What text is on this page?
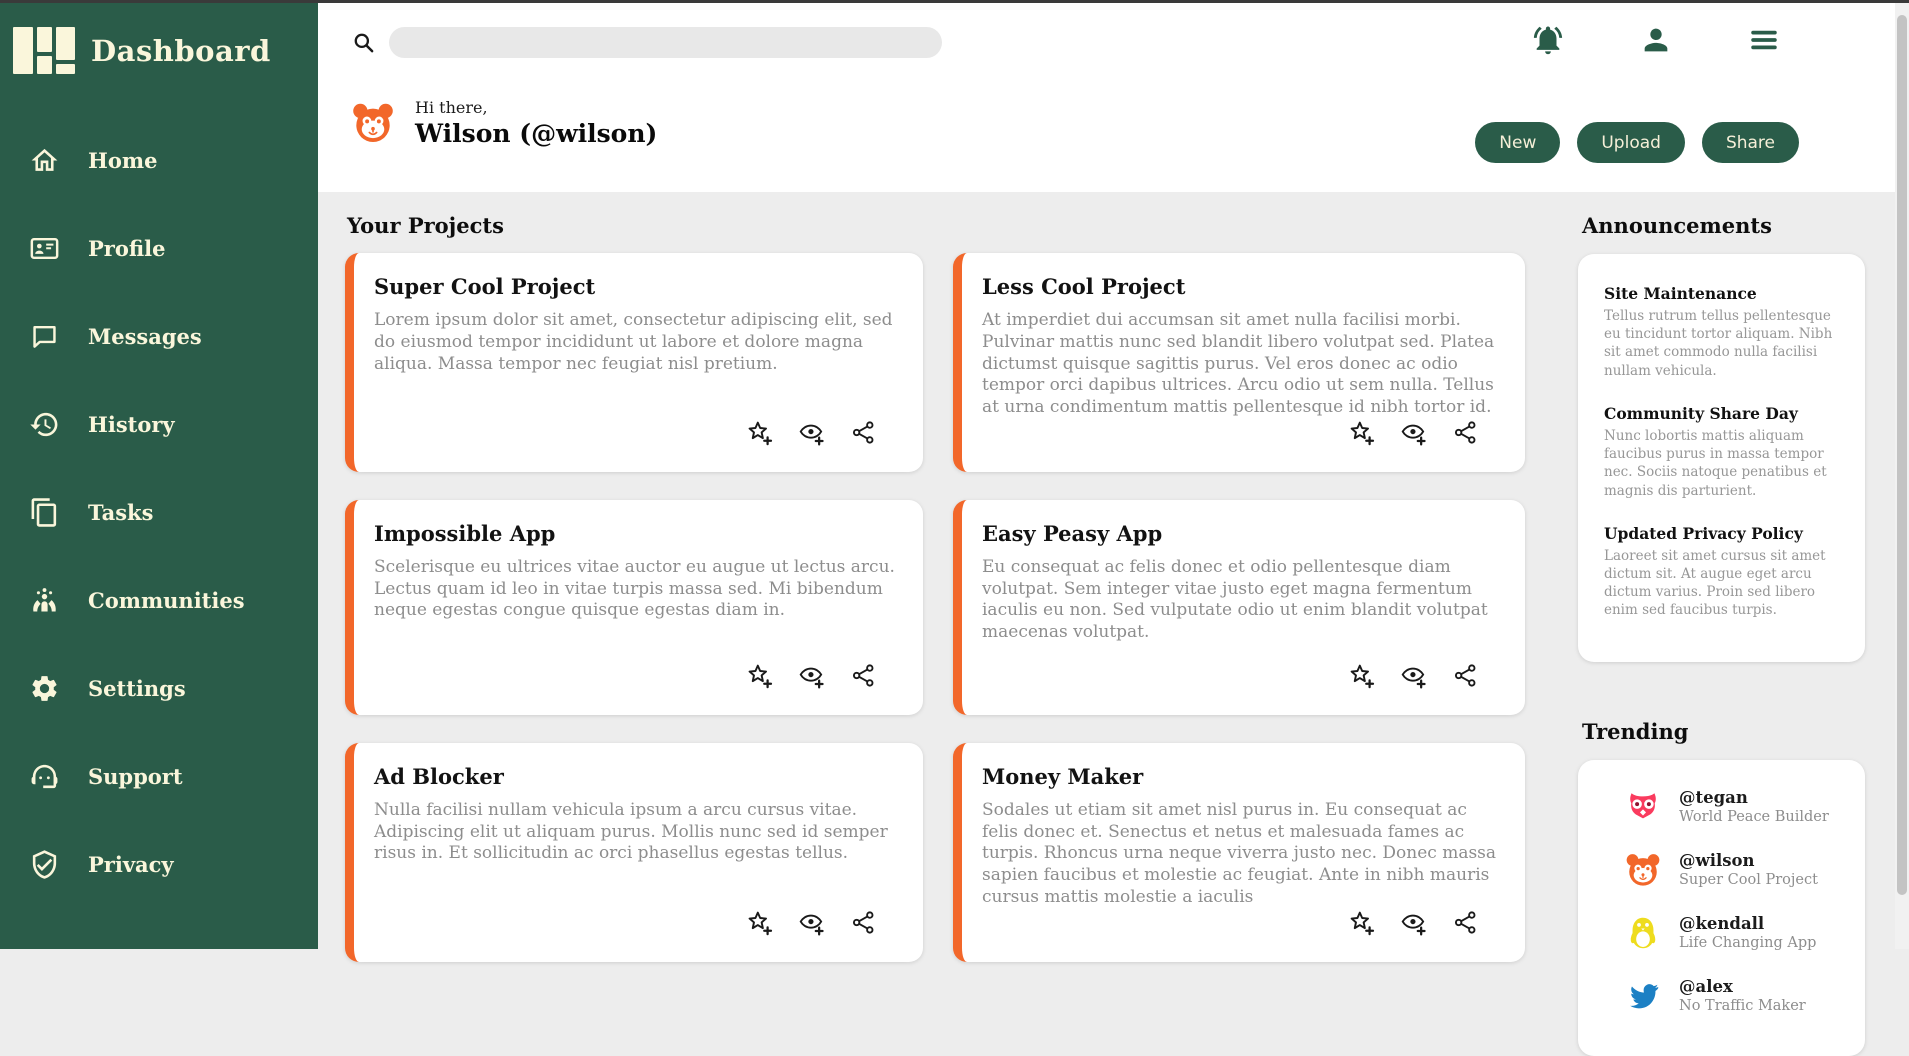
Dashboard
Home
Profile
Messages
History
Tasks
Communities
Settings
Support
Privacy
Hi there,
Wilson (@wilson)	New	Upload	Share
Your Projects
Super Cool Project
Lorem ipsum dolor sit amet, consectetur adipiscing elit, sed do eiusmod tempor incididunt ut labore et dolore magna aliqua. Massa tempor nec feugiat nisl pretium.
Less Cool Project
At imperdiet dui accumsan sit amet nulla facilisi morbi. Pulvinar mattis nunc sed blandit libero volutpat sed. Platea dictumst quisque sagittis purus. Vel eros donec ac odio tempor orci dapibus ultrices. Arcu odio ut sem nulla. Tellus at urna condimentum mattis pellentesque id nibh tortor id.
Impossible App
Scelerisque eu ultrices vitae auctor eu augue ut lectus arcu. Lectus quam id leo in vitae turpis massa sed. Mi bibendum neque egestas congue quisque egestas diam in.
Easy Peasy App
Eu consequat ac felis donec et odio pellentesque diam volutpat. Sem integer vitae justo eget magna fermentum iaculis eu non. Sed vulputate odio ut enim blandit volutpat maecenas volutpat.
Ad Blocker
Nulla facilisi nullam vehicula ipsum a arcu cursus vitae. Adipiscing elit ut aliquam purus. Mollis nunc sed id semper risus in. Et sollicitudin ac orci phasellus egestas tellus.
Money Maker
Sodales ut etiam sit amet nisl purus in. Eu consequat ac felis donec et. Senectus et netus et malesuada fames ac turpis. Rhoncus urna neque viverra justo nec. Donec massa sapien faucibus et molestie ac feugiat. Ante in nibh mauris cursus mattis molestie a iaculis
Announcements
Site Maintenance
Tellus rutrum tellus pellentesque eu tincidunt tortor aliquam. Nibh sit amet commodo nulla facilisi nullam vehicula.
Community Share Day
Nunc lobortis mattis aliquam faucibus purus in massa tempor nec. Sociis natoque penatibus et magnis dis parturient.
Updated Privacy Policy
Laoreet sit amet cursus sit amet dictum sit. At augue eget arcu dictum varius. Proin sed libero enim sed faucibus turpis.
Trending
@tegan
World Peace Builder
@wilson
Super Cool Project
@kendall
Life Changing App
@alex
No Traffic Maker
